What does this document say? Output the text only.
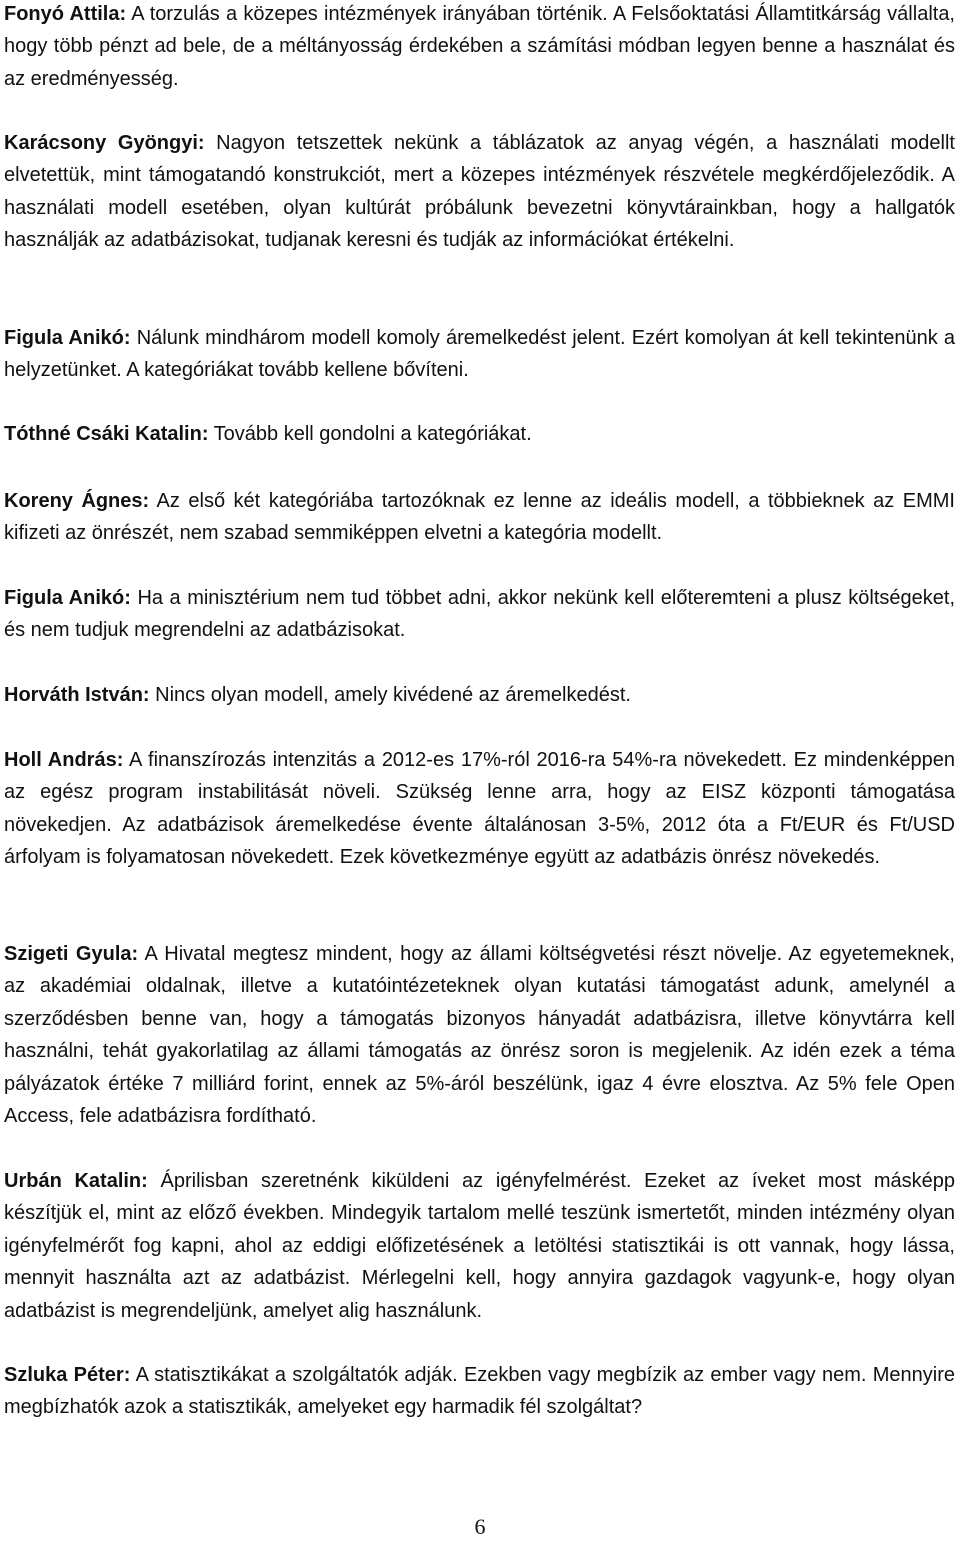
Fonyó Attila: A torzulás a közepes intézmények irányában történik. A Felsőoktatási Államtitkárság vállalta, hogy több pénzt ad bele, de a méltányosság érdekében a számítási módban legyen benne a használat és az eredményesség.

Karácsony Gyöngyi: Nagyon tetszettek nekünk a táblázatok az anyag végén, a használati modellt elvetettük, mint támogatandó konstrukciót, mert a közepes intézmények részvétele megkérdőjeleződik. A használati modell esetében, olyan kultúrát próbálunk bevezetni könyvtárainkban, hogy a hallgatók használják az adatbázisokat, tudjanak keresni és tudják az információkat értékelni.

Figula Anikó: Nálunk mindhárom modell komoly áremelkedést jelent. Ezért komolyan át kell tekintenünk a helyzetünket. A kategóriákat tovább kellene bővíteni.

Tóthné Csáki Katalin: Tovább kell gondolni a kategóriákat.

Koreny Ágnes: Az első két kategóriába tartozóknak ez lenne az ideális modell, a többieknek az EMMI kifizeti az önrészét, nem szabad semmiképpen elvetni a kategória modellt.

Figula Anikó: Ha a minisztérium nem tud többet adni, akkor nekünk kell előteremteni a plusz költségeket, és nem tudjuk megrendelni az adatbázisokat.

Horváth István: Nincs olyan modell, amely kivédené az áremelkedést.

Holl András: A finanszírozás intenzitás a 2012-es 17%-ról 2016-ra 54%-ra növekedett. Ez mindenképpen az egész program instabilitását növeli. Szükség lenne arra, hogy az EISZ központi támogatása növekedjen. Az adatbázisok áremelkedése évente általánosan 3-5%, 2012 óta a Ft/EUR és Ft/USD árfolyam is folyamatosan növekedett. Ezek következménye együtt az adatbázis önrész növekedés.

Szigeti Gyula: A Hivatal megtesz mindent, hogy az állami költségvetési részt növelje. Az egyetemeknek, az akadémiai oldalnak, illetve a kutatóintézeteknek olyan kutatási támogatást adunk, amelynél a szerződésben benne van, hogy a támogatás bizonyos hányadát adatbázisra, illetve könyvtárra kell használni, tehát gyakorlatilag az állami támogatás az önrész soron is megjelenik. Az idén ezek a téma pályázatok értéke 7 milliárd forint, ennek az 5%-áról beszélünk, igaz 4 évre elosztva. Az 5% fele Open Access, fele adatbázisra fordítható.

Urbán Katalin: Áprilisban szeretnénk kiküldeni az igényfelmérést. Ezeket az íveket most másképp készítjük el, mint az előző években. Mindegyik tartalom mellé teszünk ismertetőt, minden intézmény olyan igényfelmérőt fog kapni, ahol az eddigi előfizetésének a letöltési statisztikái is ott vannak, hogy lássa, mennyit használta azt az adatbázist. Mérlegelni kell, hogy annyira gazdagok vagyunk-e, hogy olyan adatbázist is megrendeljünk, amelyet alig használunk.

Szluka Péter: A statisztikákat a szolgáltatók adják. Ezekben vagy megbízik az ember vagy nem. Mennyire megbízhatók azok a statisztikák, amelyeket egy harmadik fél szolgáltat?

6
